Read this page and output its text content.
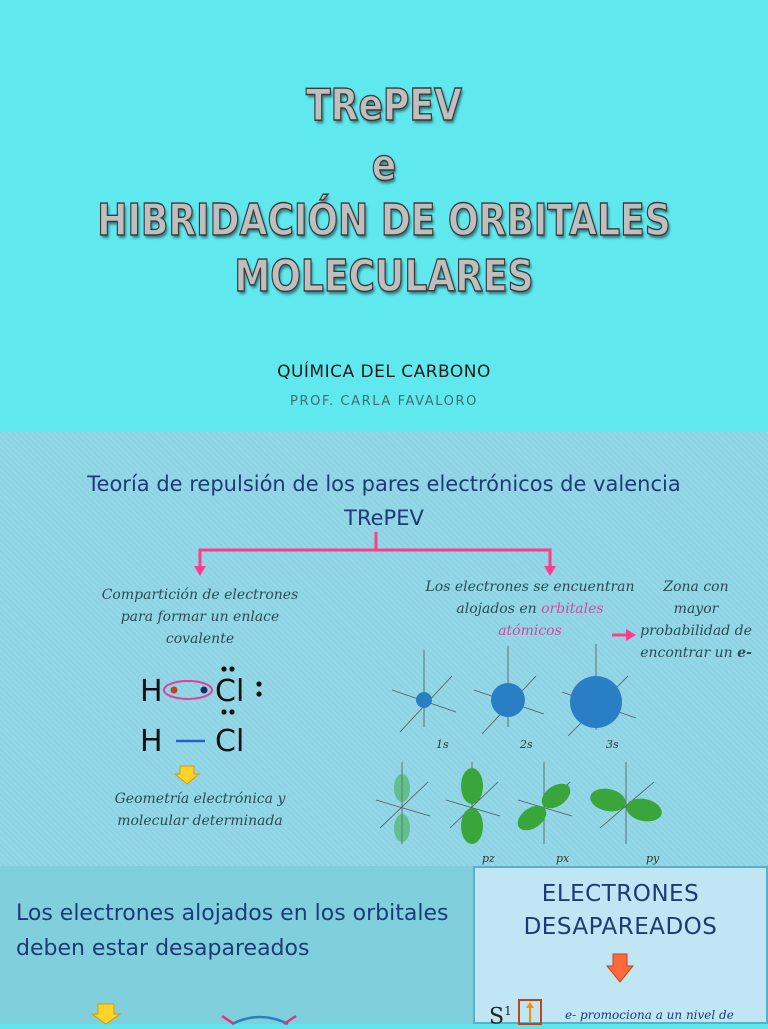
TRePEV
e
HIBRIDACIÓN DE ORBITALES
MOLECULARES
QUÍMICA DEL CARBONO
PROF. CARLA FAVALORO
Teoría de repulsión de los pares electrónicos de valencia
TRePEV
Compartición de electrones para formar un enlace covalente
Los electrones se encuentran alojados en orbitales atómicos
Zona con mayor probabilidad de encontrar un e-
H Cl
H Cl
Geometría electrónica y molecular determinada
1s	2s	3s
pz	px	py
Los electrones alojados en los orbitales deben estar desapareados
ELECTRONES
DESAPAREADOS
$S^1$	e- promociona a un nivel de
